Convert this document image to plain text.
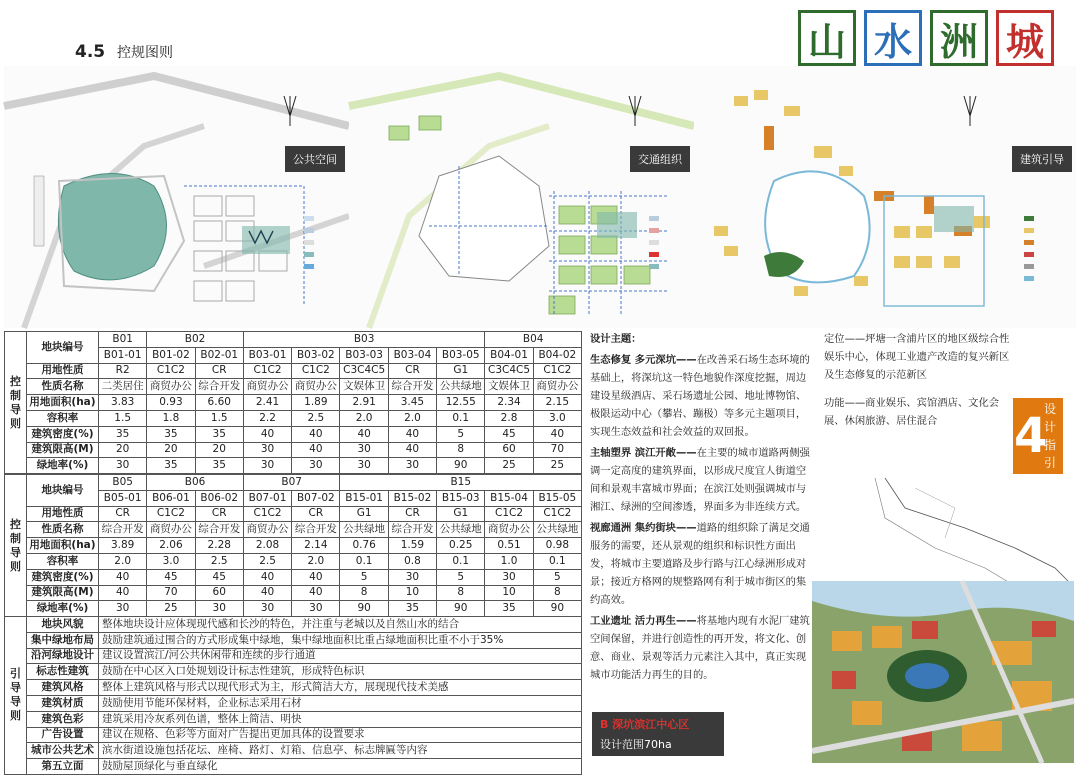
4.5 控规图则	山 水 洲 城
公共空间	交通组织	建筑引导
控制导则	地块编号	B01	B02		B03					B04	
		B01-01	B01-02	B02-01	B03-01	B03-02	B03-03	B03-04	B03-05	B04-01	B04-02
	用地性质	R2	C1C2	CR	C1C2	C1C2	C3C4C5	CR	G1	C3C4C5	C1C2
	性质名称	二类居住	商贸办公	综合开发	商贸办公	商贸办公	文娱体卫	综合开发	公共绿地	文娱体卫	商贸办公
	用地面积(ha)	3.83	0.93	6.60	2.41	1.89	2.91	3.45	12.55	2.34	2.15
	容积率	1.5	1.8	1.5	2.2	2.5	2.0	2.0	0.1	2.8	3.0
	建筑密度(%)	35	35	35	40	40	40	40	5	45	40
	建筑限高(M)	20	20	20	30	40	30	40	8	60	70
	绿地率(%)	30	35	35	30	30	30	30	90	25	25
控制导则	地块编号	B05	B06		B07		B15				
		B05-01	B06-01	B06-02	B07-01	B07-02	B15-01	B15-02	B15-03	B15-04	B15-05
	用地性质	CR	C1C2	CR	C1C2	CR	G1	CR	G1	C1C2	C1C2
	性质名称	综合开发	商贸办公	综合开发	商贸办公	综合开发	公共绿地	综合开发	公共绿地	商贸办公	公共绿地
	用地面积(ha)	3.89	2.06	2.28	2.08	2.14	0.76	1.59	0.25	0.51	0.98
	容积率	2.0	3.0	2.5	2.5	2.0	0.1	0.8	0.1	1.0	0.1
	建筑密度(%)	40	45	45	40	40	5	30	5	30	5
	建筑限高(M)	40	70	60	40	40	8	10	8	10	8
	绿地率(%)	30	25	30	30	30	90	35	90	35	90
引导导则	地块风貌	整体地块设计应体现现代感和长沙的特色，并注重与老城以及自然山水的结合
	集中绿地布局	鼓励建筑通过围合的方式形成集中绿地，集中绿地面积比重占绿地面积比重不小于35%
	沿河绿地设计	建议设置滨江/河公共休闲带和连续的步行通道
	标志性建筑	鼓励在中心区入口处规划设计标志性建筑，形成特色标识
	建筑风格	整体上建筑风格与形式以现代形式为主，形式简洁大方，展现现代技术美感
	建筑材质	鼓励使用节能环保材料，企业标志采用石材
	建筑色彩	建筑采用冷灰系列色谱，整体上简洁、明快
	广告设置	建议在规格、色彩等方面对广告提出更加具体的设置要求
	城市公共艺术	滨水街道设施包括花坛、座椅、路灯、灯箱、信息亭、标志牌匾等内容
	第五立面	鼓励屋顶绿化与垂直绿化

设计主题：

生态修复 多元深坑——在改善采石场生态环境的基础上，将深坑这一特色地貌作深度挖掘，周边建设星级酒店、采石场遗址公园、地址博物馆、极限运动中心（攀岩、蹦极）等多元主题项目，实现生态效益和社会效益的双回报。

主轴塑界 滨江开敞——在主要的城市道路两侧强调一定高度的建筑界面，以形成尺度宜人街道空间和景观丰富城市界面；在滨江处则强调城市与湘江、绿洲的空间渗透，界面多为非连续方式。

视廊通洲 集约街块——道路的组织除了满足交通服务的需要，还从景观的组织和标识性方面出发，将城市主要道路及步行路与江心绿洲形成对景；接近方格网的规整路网有利于城市街区的集约高效。

工业遗址 活力再生——将基地内现有水泥厂建筑空间保留，并进行创造性的再开发，将文化、创意、商业、景观等活力元素注入其中，真正实现城市功能活力再生的目的。

定位——坪塘一含浦片区的地区级综合性娱乐中心，体现工业遗产改造的复兴新区及生态修复的示范新区

功能——商业娱乐、宾馆酒店、文化会展、休闲旅游、居住混合	4
设计指引
B 深坑滨江中心区
设计范围70ha
